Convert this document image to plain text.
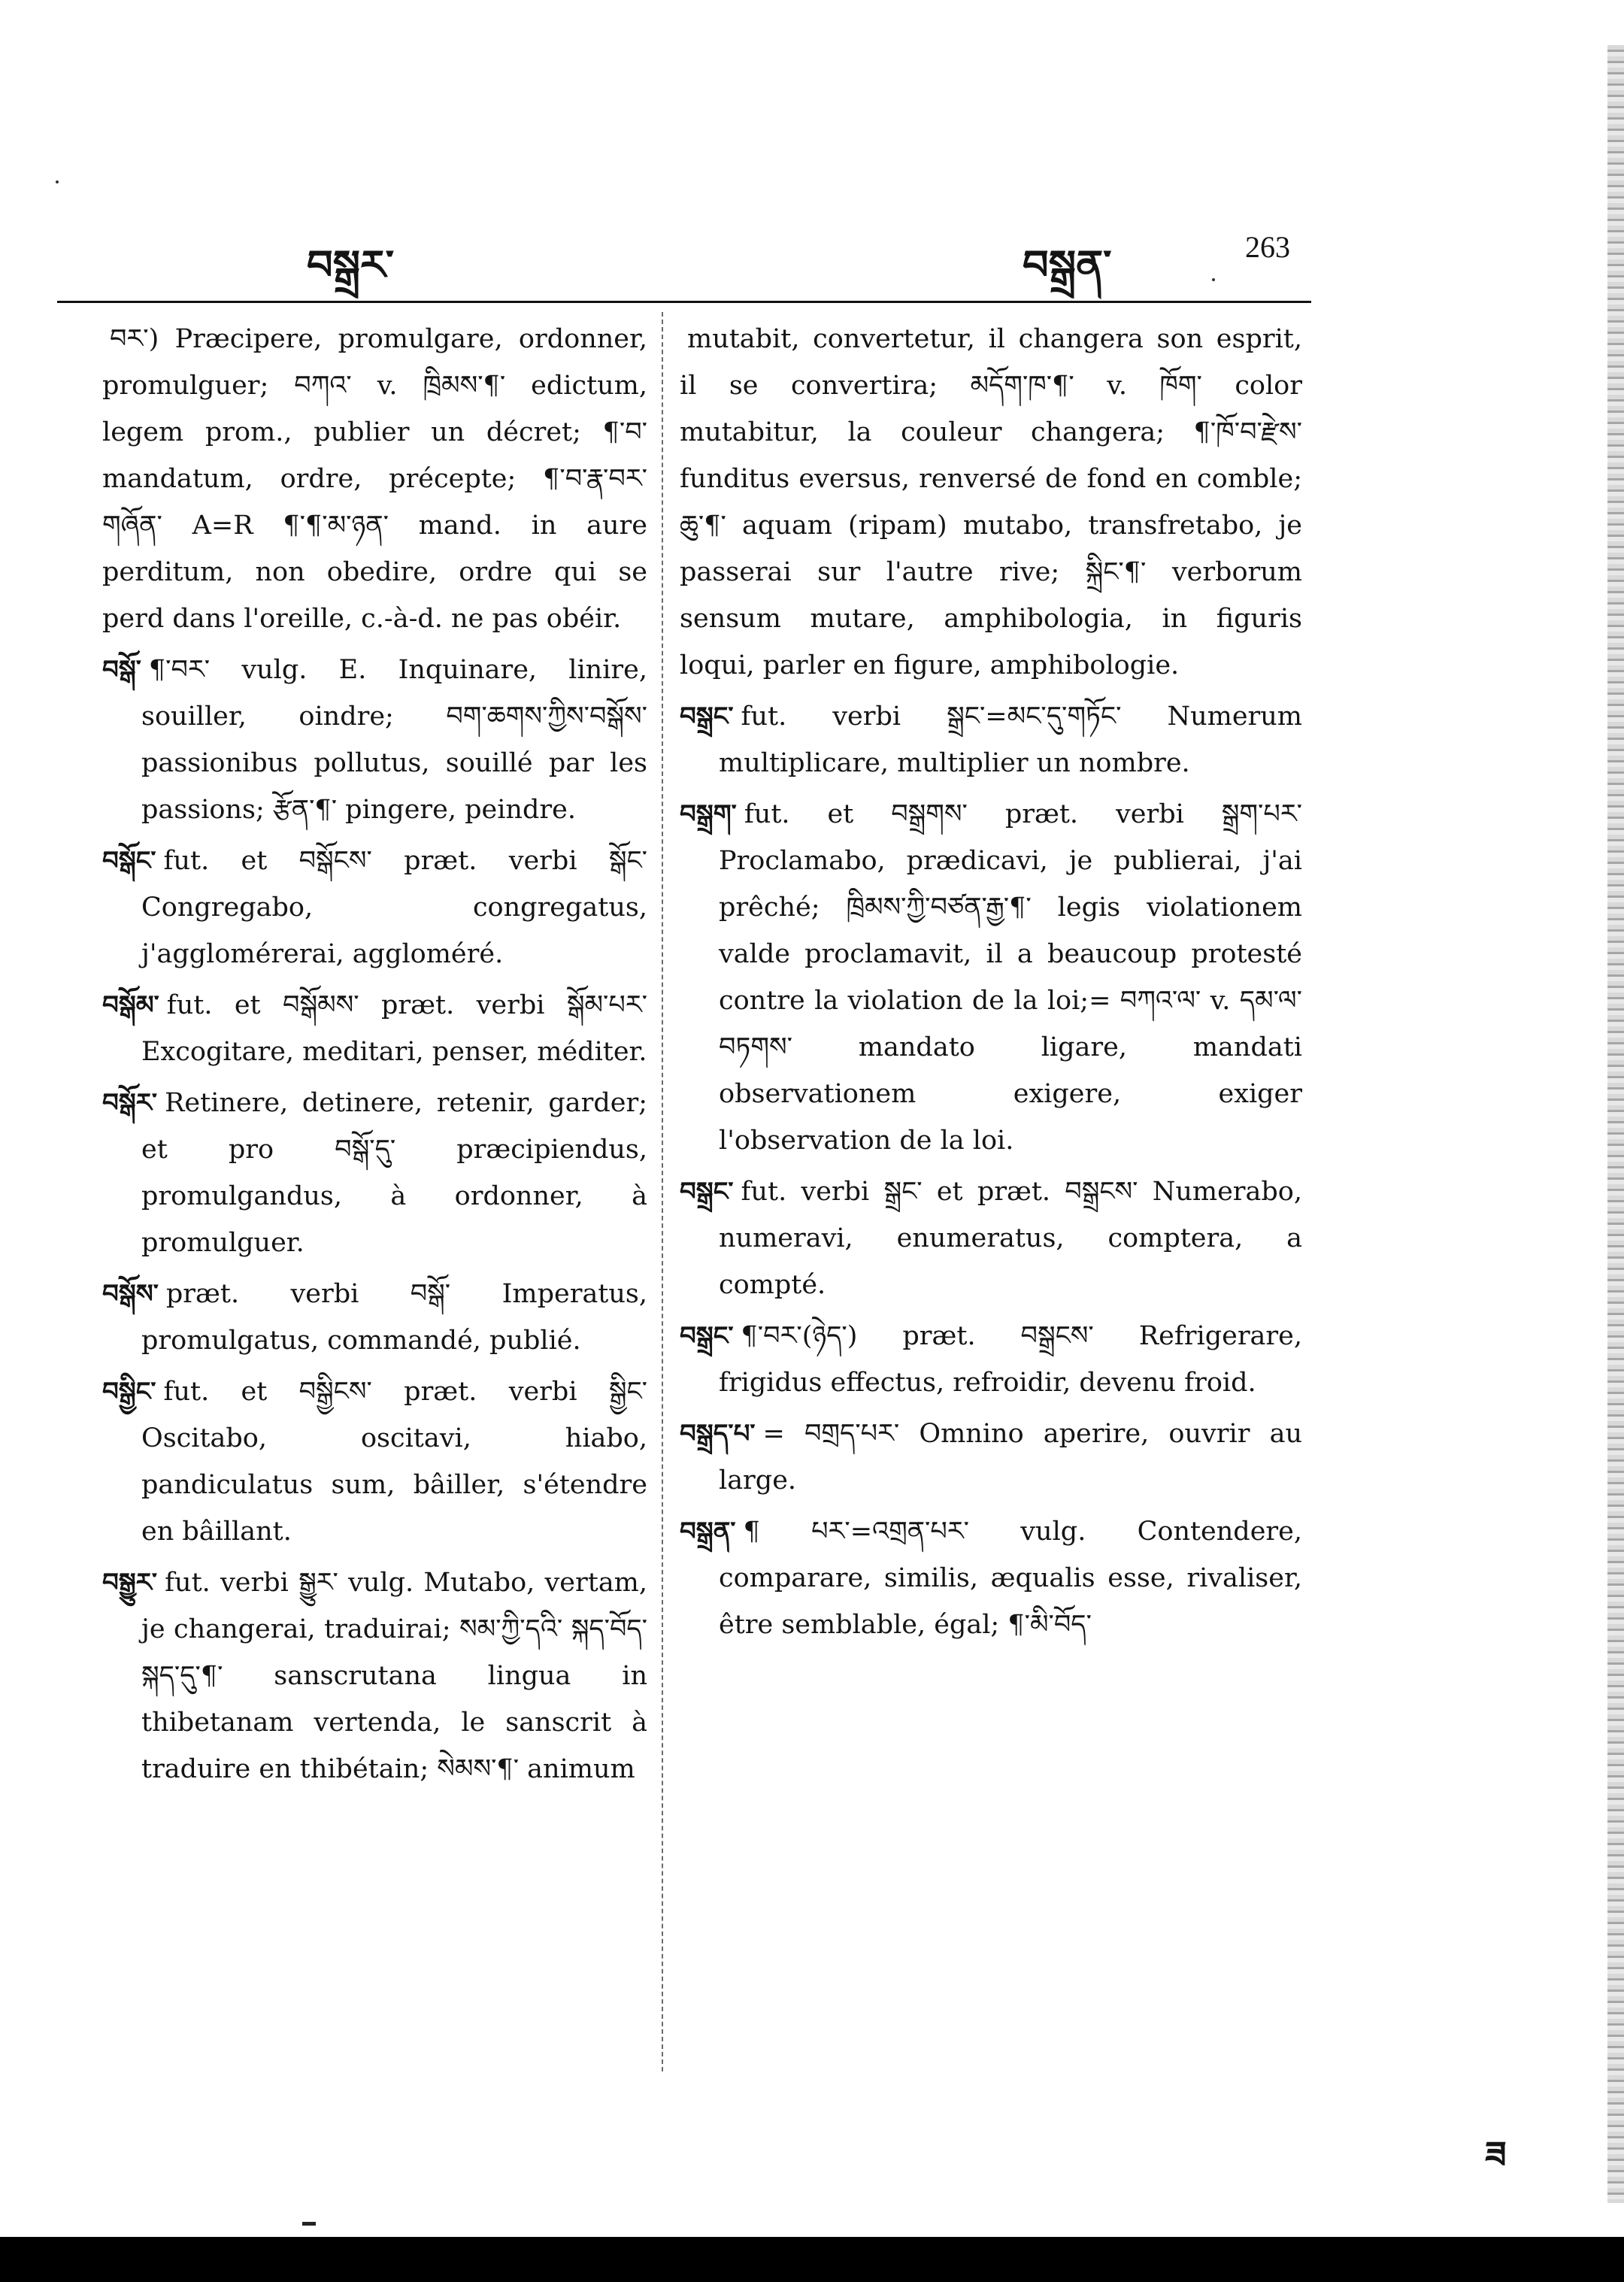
བསྒྲར་	བསྒྲན་	263

བར་) Præcipere, promulgare, ordonner, promulguer; བཀའ་ v. ཁྲིམས་¶་ edictum, legem prom., publier un décret; ¶་བ་ mandatum, ordre, précepte; ¶་བ་རྣ་བར་གཞོན་ A=R ¶་¶་མ་ཉན་ mand. in aure perditum, non obedire, ordre qui se perd dans l'oreille, c.-à-d. ne pas obéir.

བསྒོ་ ¶་བར་ vulg. E. Inquinare, linire, souiller, oindre; བག་ཆགས་ཀྱིས་བསྒོས་ passionibus pollutus, souillé par les passions; རྩོན་¶་ pingere, peindre.

བསྒོང་ fut. et བསྒོངས་ præt. verbi སྒོང་ Congregabo, congregatus, j'agglomérerai, aggloméré.

བསྒོམ་ fut. et བསྒོམས་ præt. verbi སྒོམ་པར་ Excogitare, meditari, penser, méditer.

བསྒོར་ Retinere, detinere, retenir, garder; et pro བསྒོ་དུ་ præcipiendus, promulgandus, à ordonner, à promulguer.

བསྒོས་ præt. verbi བསྒོ་ Imperatus, promulgatus, commandé, publié.

བསྒྱིང་ fut. et བསྒྱིངས་ præt. verbi སྒྱིང་ Oscitabo, oscitavi, hiabo, pandiculatus sum, bâiller, s'étendre en bâillant.

བསྒྱུར་ fut. verbi སྒྱུར་ vulg. Mutabo, vertam, je changerai, traduirai; སམ་ཀྱི་དའི་ སྐད་བོད་སྐད་དུ་¶་ sanscrutana lingua in thibetanam vertenda, le sanscrit à traduire en thibétain; སེམས་¶་ animum

mutabit, convertetur, il changera son esprit, il se convertira; མདོག་ཁ་¶་ v. ཁོག་ color mutabitur, la couleur changera; ¶་ཁོ་བ་རྫེས་ funditus eversus, renversé de fond en comble; ཆུ་¶་ aquam (ripam) mutabo, transfretabo, je passerai sur l'autre rive; སྐྲིང་¶་ verborum sensum mutare, amphibologia, in figuris loqui, parler en figure, amphibologie.

བསྒྲང་ fut. verbi སྒྲང་=མང་དུ་གཏོང་ Numerum multiplicare, multiplier un nombre.

བསྒྲག་ fut. et བསྒྲགས་ præt. verbi སྒྲག་པར་ Proclamabo, prædicavi, je publierai, j'ai prêché; ཁྲིམས་ཀྱི་བཙན་རྒྱ་¶་ legis violationem valde proclamavit, il a beaucoup protesté contre la violation de la loi;= བཀའ་ལ་ v. དམ་ལ་བཏགས་ mandato ligare, mandati observationem exigere, exiger l'observation de la loi.

བསྒྲང་ fut. verbi སྒྲང་ et præt. བསྒྲངས་ Numerabo, numeravi, enumeratus, comptera, a compté.

བསྒྲང་ ¶་བར་(ཉེད་) præt. བསྒྲངས་ Refrigerare, frigidus effectus, refroidir, devenu froid.

བསྒྲད་པ་ = བགྲད་པར་ Omnino aperire, ouvrir au large.

བསྒྲན་ ¶ པར་=འགྲན་པར་ vulg. Contendere, comparare, similis, æqualis esse, rivaliser, être semblable, égal; ¶་མི་བོད་

ཟ
